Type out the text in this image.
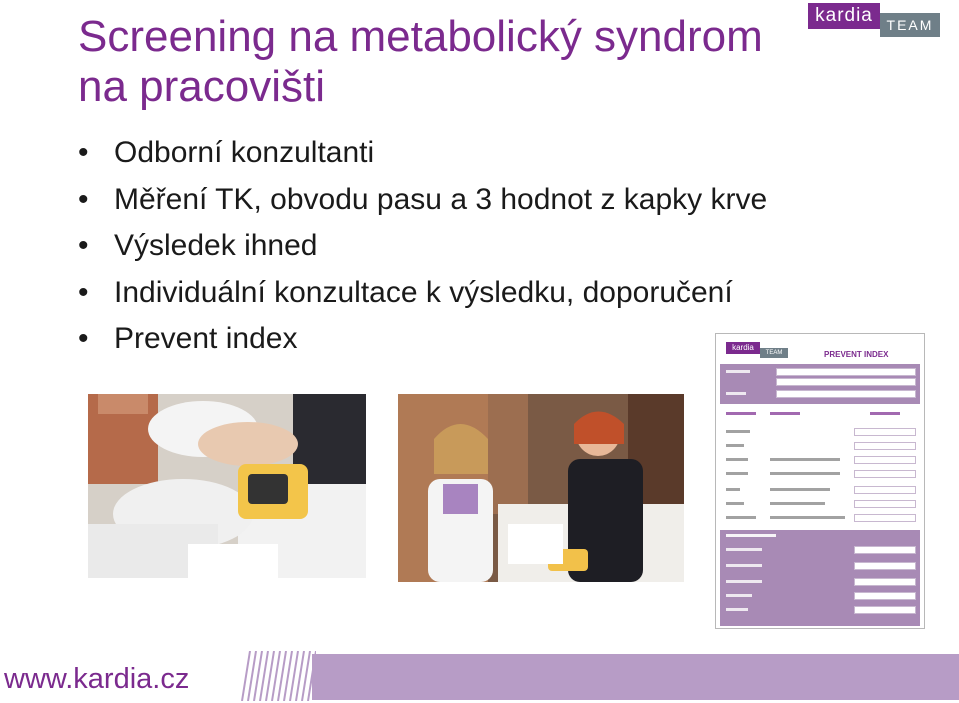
Screening na metabolický syndrom
na pracovišti
kardia TEAM
• Odborní konzultanti
• Měření TK, obvodu pasu a 3 hodnot z kapky krve
• Výsledek ihned
• Individuální konzultace k výsledku, doporučení
• Prevent index	kardia
TEAM	PREVENT INDEX
www.kardia.cz
